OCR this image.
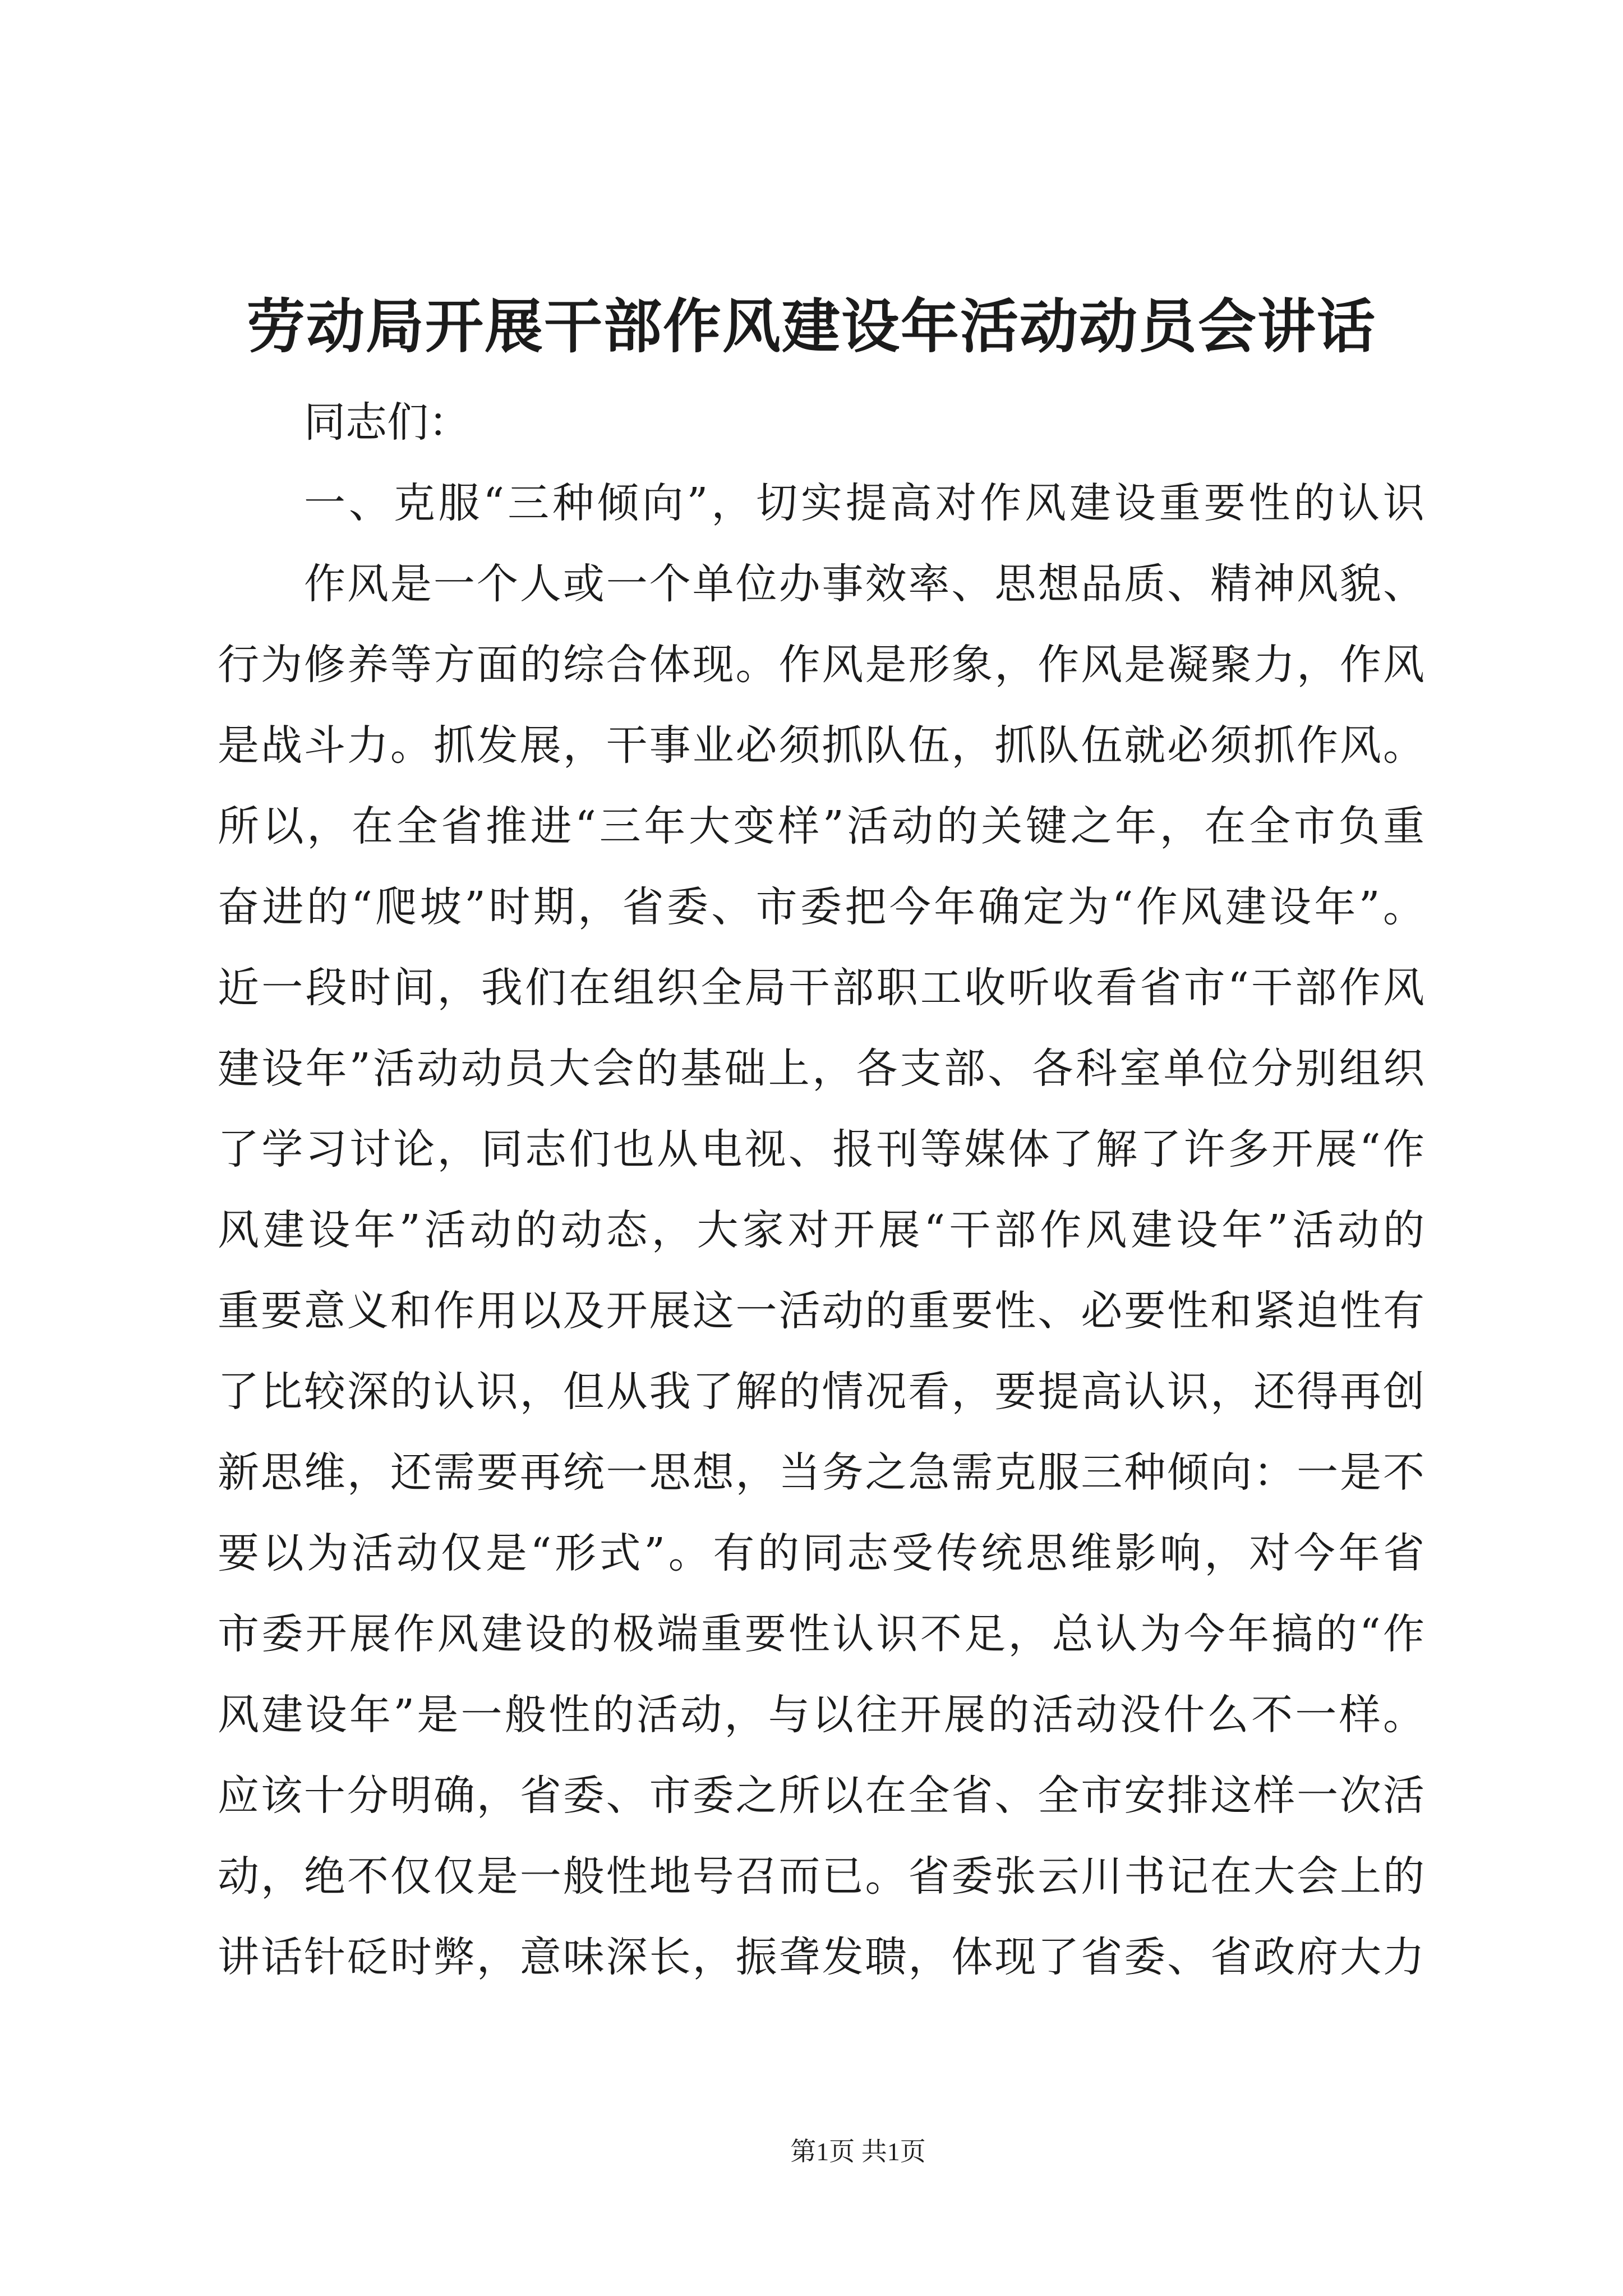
劳动局开展干部作风建设年活动动员会讲话
同志们：
一、克服“三种倾向”，切实提高对作风建设重要性的认识
作风是一个人或一个单位办事效率、思想品质、精神风貌、
行为修养等方面的综合体现。作风是形象，作风是凝聚力，作风
是战斗力。抓发展，干事业必须抓队伍，抓队伍就必须抓作风。
所以，在全省推进“三年大变样”活动的关键之年，在全市负重
奋进的“爬坡”时期，省委、市委把今年确定为“作风建设年”。
近一段时间，我们在组织全局干部职工收听收看省市“干部作风
建设年”活动动员大会的基础上，各支部、各科室单位分别组织
了学习讨论，同志们也从电视、报刊等媒体了解了许多开展“作
风建设年”活动的动态，大家对开展“干部作风建设年”活动的
重要意义和作用以及开展这一活动的重要性、必要性和紧迫性有
了比较深的认识，但从我了解的情况看，要提高认识，还得再创
新思维，还需要再统一思想，当务之急需克服三种倾向：一是不
要以为活动仅是“形式”。有的同志受传统思维影响，对今年省
市委开展作风建设的极端重要性认识不足，总认为今年搞的“作
风建设年”是一般性的活动，与以往开展的活动没什么不一样。
应该十分明确，省委、市委之所以在全省、全市安排这样一次活
动，绝不仅仅是一般性地号召而已。省委张云川书记在大会上的
讲话针砭时弊，意味深长，振聋发聩，体现了省委、省政府大力
第1页 共1页
